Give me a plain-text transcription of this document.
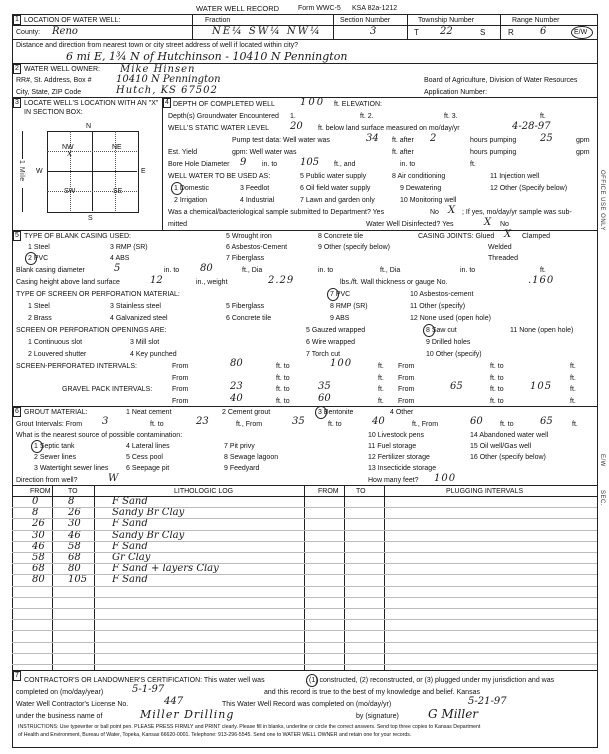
WATER WELL RECORD	Form WWC-5 KSA 82a-1212
1 LOCATION OF WATER WELL:	Fraction	Section Number	Township Number	Range Number
County: Reno	NE¼ SW¼ NW¼	3	T 22	S	R	6	E/W
Distance and direction from nearest town or city street address of well if located within city?
6 mi E, 1¾ N of Hutchinson - 10410 N Pennington
2 WATER WELL OWNER: Mike Hinsen
RR#, St. Address, Box # 10410 N Pennington	Board of Agriculture, Division of Water Resources
City, State, ZIP Code	Hutch, KS 67502	Application Number:
3 LOCATE WELL'S LOCATION WITH AN "X" IN SECTION BOX:
N
NW	NE
SW	SE
x
W	E
S
1 Mile
4 DEPTH OF COMPLETED WELL	100 ft. ELEVATION:
Depth(s) Groundwater Encountered 1.	ft. 2.	ft. 3.	ft.
WELL'S STATIC WATER LEVEL 20 ft. below land surface measured on mo/day/yr	4-28-97
Pump test data: Well water was	34 ft. after 2	hours pumping 25	gpm
Est. Yield	gpm: Well water was	ft. after	hours pumping	gpm
Bore Hole Diameter 9 in. to 105 ft., and	in. to	ft.
WELL WATER TO BE USED AS:	5 Public water supply	8 Air conditioning	11 Injection well
1 Domestic	3 Feedlot	6 Oil field water supply	9 Dewatering	12 Other (Specify below)
2 Irrigation	4 Industrial	7 Lawn and garden only	10 Monitoring well
Was a chemical/bacteriological sample submitted to Department? Yes	No X ; If yes, mo/day/yr sample was sub-
mitted	Water Well Disinfected? Yes	X No
5 TYPE OF BLANK CASING USED:	5 Wrought iron	8 Concrete tile	CASING JOINTS: Glued X Clamped
1 Steel	3 RMP (SR)	6 Asbestos-Cement	9 Other (specify below)	Welded
2 PVC	4 ABS	7 Fiberglass	Threaded
Blank casing diameter	5	in. to 80	ft., Dia	in. to	ft., Dia	in. to	ft.
Casing height above land surface	12	in., weight	2.29	lbs./ft. Wall thickness or gauge No.	.160
TYPE OF SCREEN OR PERFORATION MATERIAL:	7 PVC	10 Asbestos-cement
1 Steel	3 Stainless steel	5 Fiberglass	8 RMP (SR)	11 Other (specify)
2 Brass	4 Galvanized steel	6 Concrete tile	9 ABS	12 None used (open hole)
SCREEN OR PERFORATION OPENINGS ARE:	5 Gauzed wrapped	8 Saw cut	11 None (open hole)
1 Continuous slot	3 Mill slot	6 Wire wrapped	9 Drilled holes
2 Louvered shutter	4 Key punched	7 Torch cut	10 Other (specify)
SCREEN-PERFORATED INTERVALS:	From	80	ft. to	100	ft. From	ft. to	ft.
From	ft. to	ft. From	ft. to	ft.
GRAVEL PACK INTERVALS:	From	23	ft. to	35	ft. From	65	ft. to	105	ft.
From	40	ft. to	60	ft. From	ft. to	ft.
6 GROUT MATERIAL:	1 Neat cement	2 Cement grout	3 Bentonite	4 Other
Grout Intervals: From 3	ft. to	23	ft., From	35	ft. to	40	ft., From	60 ft. to	65	ft.
What is the nearest source of possible contamination:	10 Livestock pens	14 Abandoned water well
1 Septic tank	4 Lateral lines	7 Pit privy	11 Fuel storage	15 Oil well/Gas well
2 Sewer lines	5 Cess pool	8 Sewage lagoon	12 Fertilizer storage	16 Other (specify below)
3 Watertight sewer lines	6 Seepage pit	9 Feedyard	13 Insecticide storage
Direction from well?	W	How many feet? 100
FROM TO	LITHOLOGIC LOG	FROM TO	PLUGGING INTERVALS
0	8	F Sand
8	26	Sandy Br Clay
26 30	F Sand
30 46	Sandy Br Clay
46 58	F Sand
58 68	Gr Clay
68 80	F Sand + layers Clay
80 105 F Sand
7
CONTRACTOR'S OR LANDOWNER'S CERTIFICATION: This water well was	(1) constructed, (2) reconstructed, or (3) plugged under my jurisdiction and was
completed on (mo/day/year)	5-1-97	and this record is true to the best of my knowledge and belief. Kansas
Water Well Contractor's License No.	447	This Water Well Record was completed on (mo/day/yr)	5-21-97
under the business name of	Miller Drilling	by (signature) G Miller
INSTRUCTIONS: Use typewriter or ball point pen. PLEASE PRESS FIRMLY and PRINT clearly. Please fill in blanks, underline or circle the correct answers. Send top three copies to Kansas Department
of Health and Environment, Bureau of Water, Topeka, Kansas 66620-0001. Telephone: 913-296-5545. Send one to WATER WELL OWNER and retain one for your records.
OFFICE USE ONLY
E/W
SEC.
